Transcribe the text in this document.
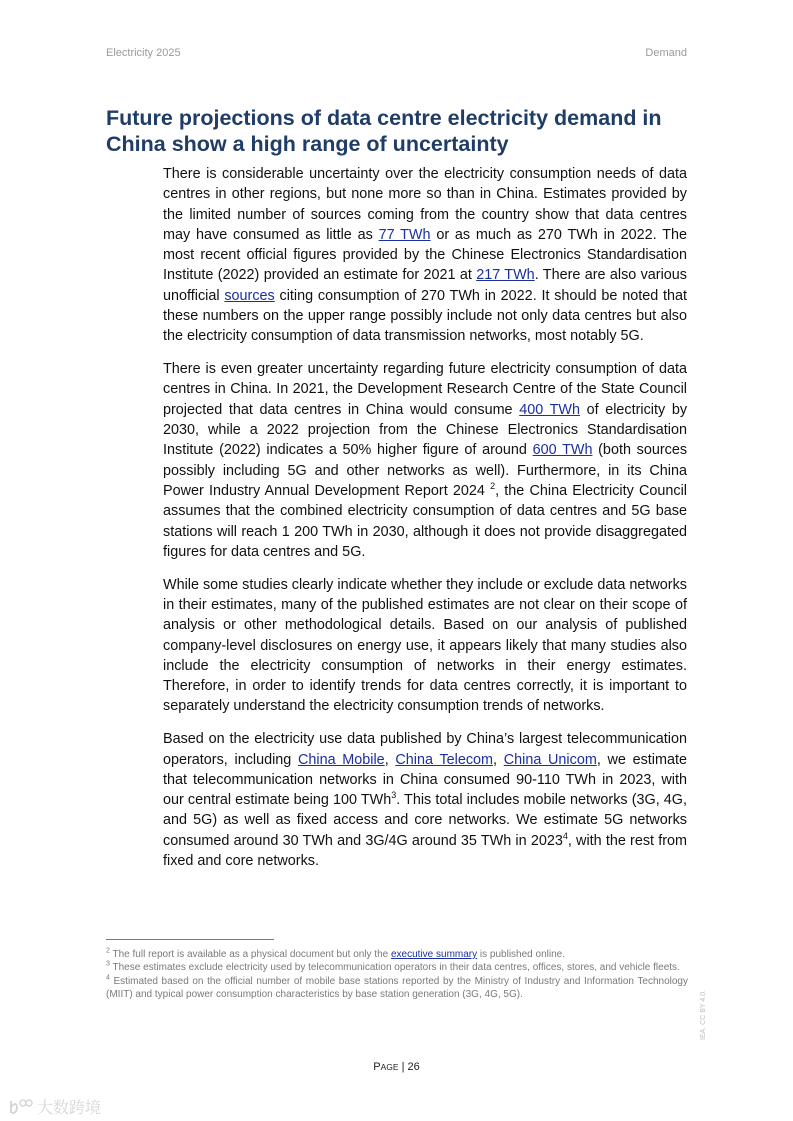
Electricity 2025	Demand
Future projections of data centre electricity demand in China show a high range of uncertainty

There is considerable uncertainty over the electricity consumption needs of data centres in other regions, but none more so than in China. Estimates provided by the limited number of sources coming from the country show that data centres may have consumed as little as 77 TWh or as much as 270 TWh in 2022. The most recent official figures provided by the Chinese Electronics Standardisation Institute (2022) provided an estimate for 2021 at 217 TWh. There are also various unofficial sources citing consumption of 270 TWh in 2022. It should be noted that these numbers on the upper range possibly include not only data centres but also the electricity consumption of data transmission networks, most notably 5G.

There is even greater uncertainty regarding future electricity consumption of data centres in China. In 2021, the Development Research Centre of the State Council projected that data centres in China would consume 400 TWh of electricity by 2030, while a 2022 projection from the Chinese Electronics Standardisation Institute (2022) indicates a 50% higher figure of around 600 TWh (both sources possibly including 5G and other networks as well). Furthermore, in its China Power Industry Annual Development Report 2024 $^2$, the China Electricity Council assumes that the combined electricity consumption of data centres and 5G base stations will reach 1 200 TWh in 2030, although it does not provide disaggregated figures for data centres and 5G.

While some studies clearly indicate whether they include or exclude data networks in their estimates, many of the published estimates are not clear on their scope of analysis or other methodological details. Based on our analysis of published company-level disclosures on energy use, it appears likely that many studies also include the electricity consumption of networks in their energy estimates. Therefore, in order to identify trends for data centres correctly, it is important to separately understand the electricity consumption trends of networks.

Based on the electricity use data published by China’s largest telecommunication operators, including China Mobile, China Telecom, China Unicom, we estimate that telecommunication networks in China consumed 90-110 TWh in 2023, with our central estimate being 100 TWh$^3$. This total includes mobile networks (3G, 4G, and 5G) as well as fixed access and core networks. We estimate 5G networks consumed around 30 TWh and 3G/4G around 35 TWh in 2023$^4$, with the rest from fixed and core networks.

$^2$ The full report is available as a physical document but only the executive summary is published online.

$^3$ These estimates exclude electricity used by telecommunication operators in their data centres, offices, stores, and vehicle fleets.

$^4$ Estimated based on the official number of mobile base stations reported by the Ministry of Industry and Information Technology (MIIT) and typical power consumption characteristics by base station generation (3G, 4G, 5G).

PAGE | 26
IEA. CC BY 4.0.
大数跨境
